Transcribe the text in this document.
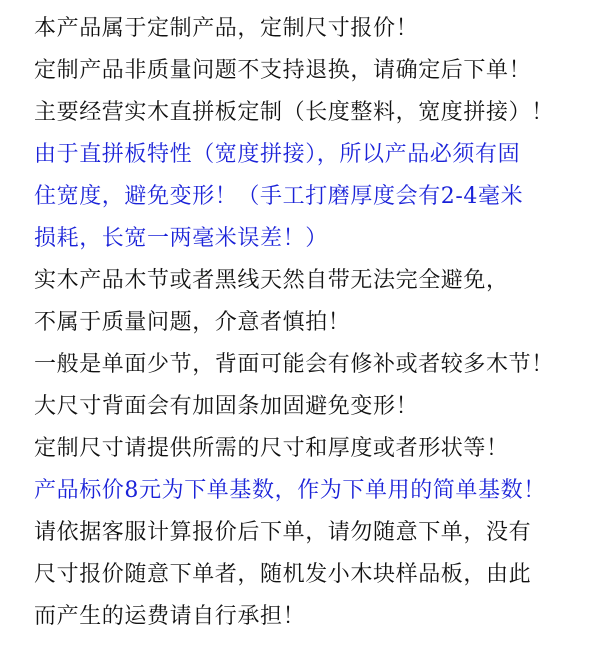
本产品属于定制产品，定制尺寸报价！
定制产品非质量问题不支持退换，请确定后下单！
主要经营实木直拼板定制（长度整料，宽度拼接）！
由于直拼板特性（宽度拼接），所以产品必须有固
住宽度，避免变形！（手工打磨厚度会有2-4毫米
损耗，长宽一两毫米误差！）
实木产品木节或者黑线天然自带无法完全避免，
不属于质量问题，介意者慎拍！
一般是单面少节，背面可能会有修补或者较多木节！
大尺寸背面会有加固条加固避免变形！
定制尺寸请提供所需的尺寸和厚度或者形状等！
产品标价8元为下单基数，作为下单用的简单基数！
请依据客服计算报价后下单，请勿随意下单，没有
尺寸报价随意下单者，随机发小木块样品板，由此
而产生的运费请自行承担！
